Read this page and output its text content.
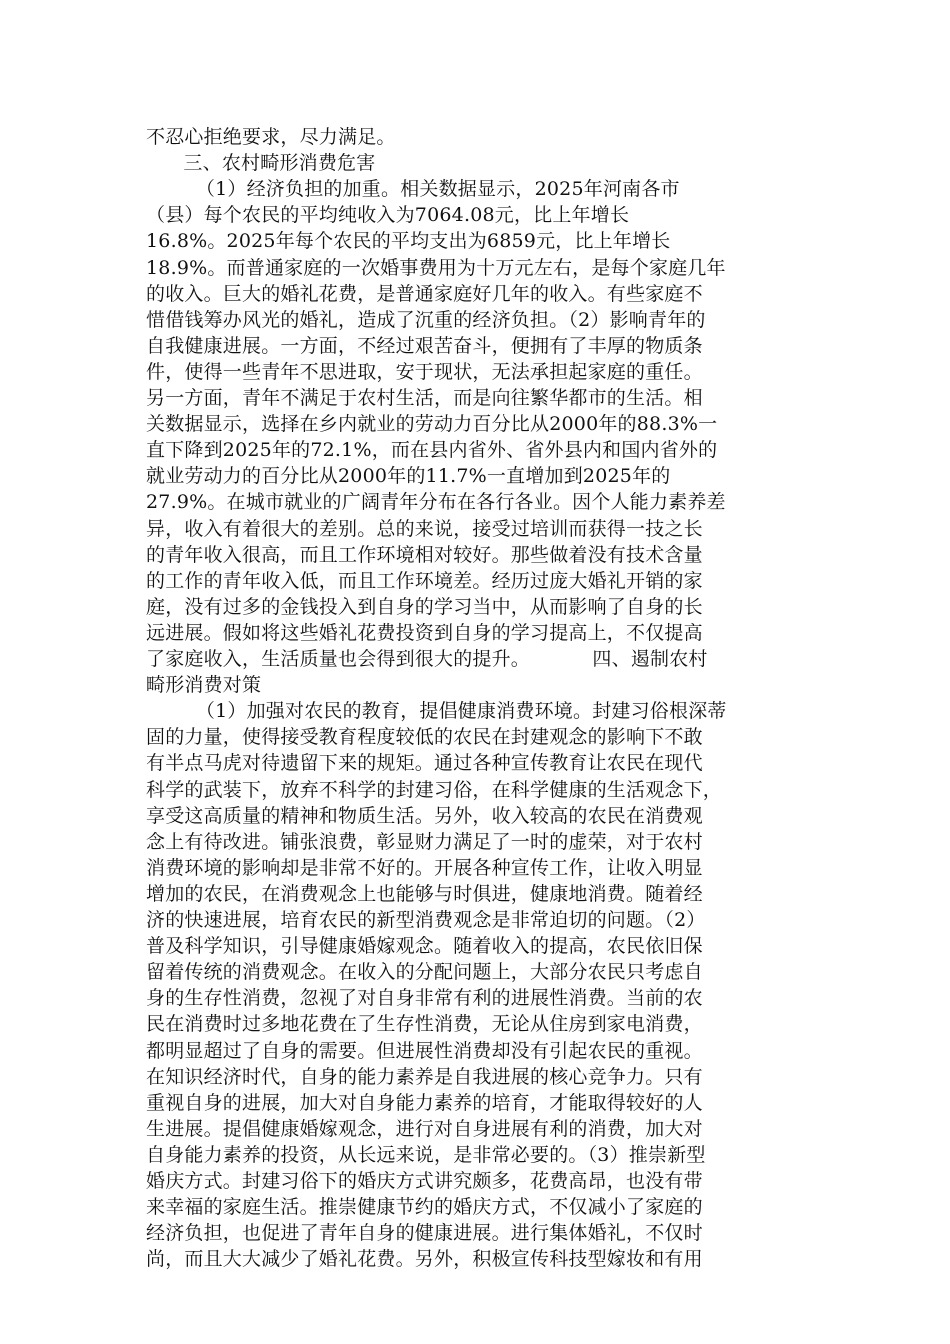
不忍心拒绝要求，尽力满足。
三、农村畸形消费危害
（1）经济负担的加重。相关数据显示，2025年河南各市
（县）每个农民的平均纯收入为7064.08元，比上年增长
16.8%。2025年每个农民的平均支出为6859元，比上年增长
18.9%。而普通家庭的一次婚事费用为十万元左右，是每个家庭几年
的收入。巨大的婚礼花费，是普通家庭好几年的收入。有些家庭不
惜借钱筹办风光的婚礼，造成了沉重的经济负担。（2）影响青年的
自我健康进展。一方面，不经过艰苦奋斗，便拥有了丰厚的物质条
件，使得一些青年不思进取，安于现状，无法承担起家庭的重任。
另一方面，青年不满足于农村生活，而是向往繁华都市的生活。相
关数据显示，选择在乡内就业的劳动力百分比从2000年的88.3%一
直下降到2025年的72.1%，而在县内省外、省外县内和国内省外的
就业劳动力的百分比从2000年的11.7%一直增加到2025年的
27.9%。在城市就业的广阔青年分布在各行各业。因个人能力素养差
异，收入有着很大的差别。总的来说，接受过培训而获得一技之长
的青年收入很高，而且工作环境相对较好。那些做着没有技术含量
的工作的青年收入低，而且工作环境差。经历过庞大婚礼开销的家
庭，没有过多的金钱投入到自身的学习当中，从而影响了自身的长
远进展。假如将这些婚礼花费投资到自身的学习提高上，不仅提高
了家庭收入，生活质量也会得到很大的提升。          四、遏制农村
畸形消费对策
（1）加强对农民的教育，提倡健康消费环境。封建习俗根深蒂
固的力量，使得接受教育程度较低的农民在封建观念的影响下不敢
有半点马虎对待遗留下来的规矩。通过各种宣传教育让农民在现代
科学的武装下，放弃不科学的封建习俗，在科学健康的生活观念下，
享受这高质量的精神和物质生活。另外，收入较高的农民在消费观
念上有待改进。铺张浪费，彰显财力满足了一时的虚荣，对于农村
消费环境的影响却是非常不好的。开展各种宣传工作，让收入明显
增加的农民，在消费观念上也能够与时俱进，健康地消费。随着经
济的快速进展，培育农民的新型消费观念是非常迫切的问题。（2）
普及科学知识，引导健康婚嫁观念。随着收入的提高，农民依旧保
留着传统的消费观念。在收入的分配问题上，大部分农民只考虑自
身的生存性消费，忽视了对自身非常有利的进展性消费。当前的农
民在消费时过多地花费在了生存性消费，无论从住房到家电消费，
都明显超过了自身的需要。但进展性消费却没有引起农民的重视。
在知识经济时代，自身的能力素养是自我进展的核心竞争力。只有
重视自身的进展，加大对自身能力素养的培育，才能取得较好的人
生进展。提倡健康婚嫁观念，进行对自身进展有利的消费，加大对
自身能力素养的投资，从长远来说，是非常必要的。（3）推崇新型
婚庆方式。封建习俗下的婚庆方式讲究颇多，花费高昂，也没有带
来幸福的家庭生活。推崇健康节约的婚庆方式，不仅减小了家庭的
经济负担，也促进了青年自身的健康进展。进行集体婚礼，不仅时
尚，而且大大减少了婚礼花费。另外，积极宣传科技型嫁妆和有用
